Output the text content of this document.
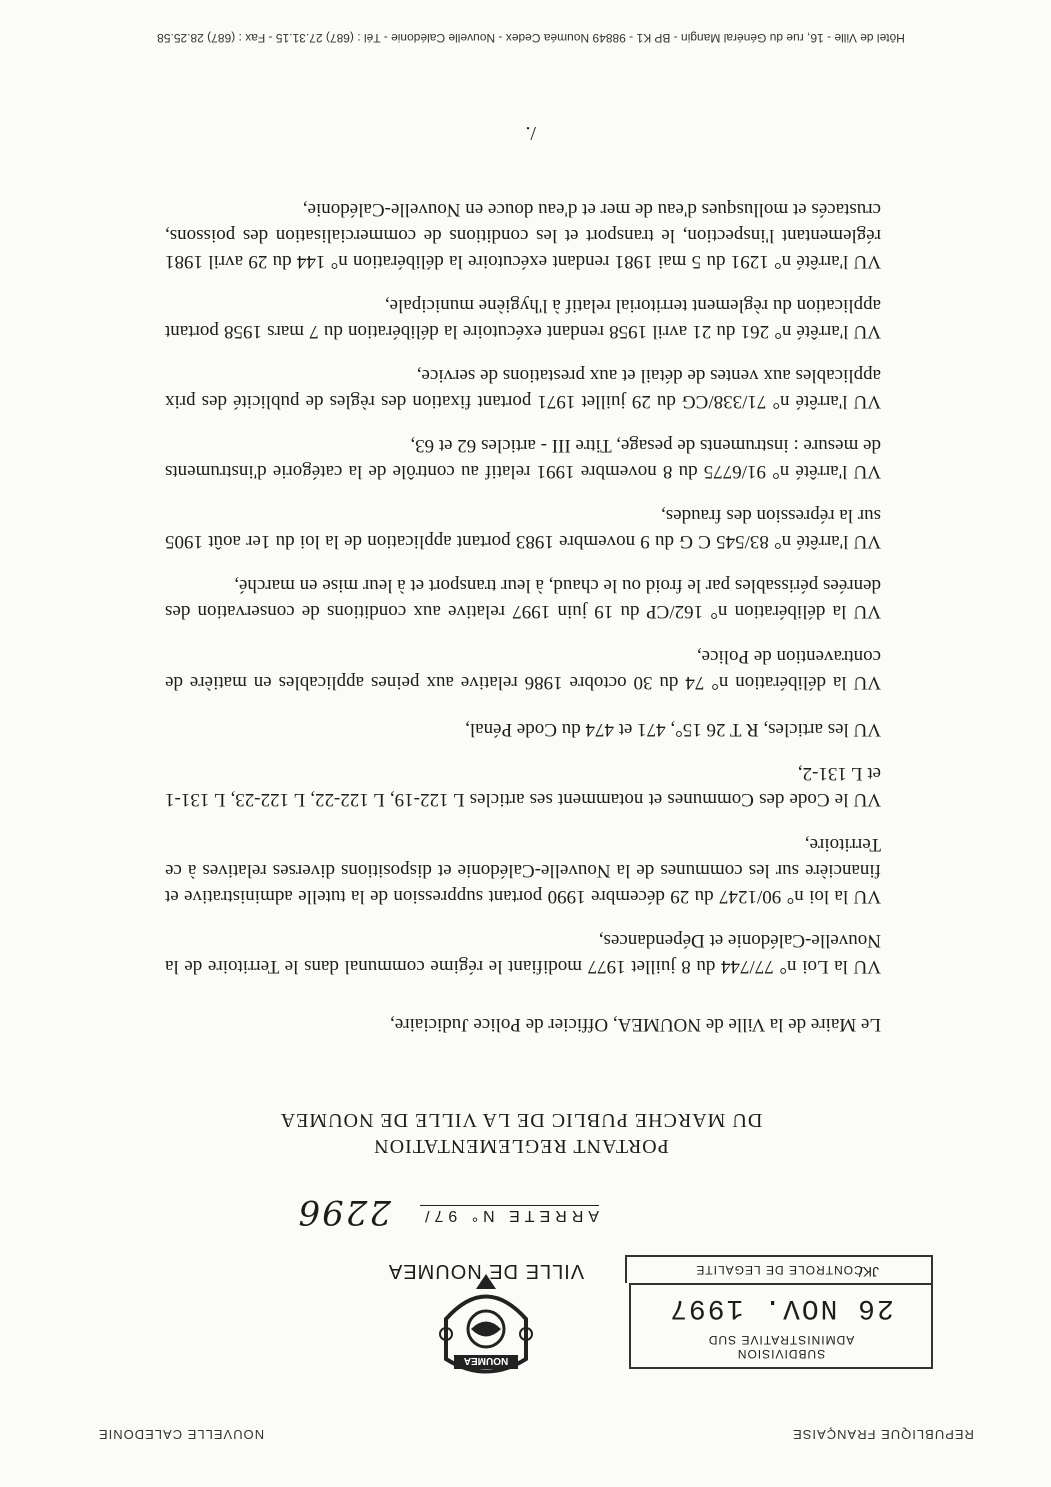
REPUBLIQUE FRANÇAISE
NOUVELLE CALEDONIE
SUBDIVISION
ADMINISTRATIVE SUD
26 NOV. 1997
CONTROLE DE LEGALITE
NOUMEA
VILLE DE NOUMEA	JK/
ARRETE N° 97/
2296
PORTANT REGLEMENTATION
DU MARCHE PUBLIC DE LA VILLE DE NOUMEA
Le Maire de la Ville de NOUMEA, Officier de Police Judiciaire,
VU la Loi n° 77/744 du 8 juillet 1977 modifiant le régime communal dans le Territoire de la Nouvelle-Calédonie et Dépendances,
VU la loi n° 90/1247 du 29 décembre 1990 portant suppression de la tutelle administrative et financière sur les communes de la Nouvelle-Calédonie et dispositions diverses relatives à ce Territoire,
VU le Code des Communes et notamment ses articles L 122-19, L 122-22, L 122-23, L 131-1 et L 131-2,
VU les articles, R T 26 15°, 471 et 474 du Code Pénal,
VU la délibération n° 74 du 30 octobre 1986 relative aux peines applicables en matière de contravention de Police,
VU la délibération n° 162/CP du 19 juin 1997 relative aux conditions de conservation des denrées périssables par le froid ou le chaud, à leur transport et à leur mise en marché,
VU l'arrêté n° 83/545 C G du 9 novembre 1983 portant application de la loi du 1er août 1905 sur la répression des fraudes,
VU l'arrêté n° 91/6775 du 8 novembre 1991 relatif au contrôle de la catégorie d'instruments de mesure : instruments de pesage, Titre III - articles 62 et 63,
VU l'arrêté n° 71/338/CG du 29 juillet 1971 portant fixation des règles de publicité des prix applicables aux ventes de détail et aux prestations de service,
VU l'arrêté n° 261 du 21 avril 1958 rendant exécutoire la délibération du 7 mars 1958 portant application du règlement territorial relatif à l'hygiène municipale,
VU l'arrêté n° 1291 du 5 mai 1981 rendant exécutoire la délibération n° 144 du 29 avril 1981 réglementant l'inspection, le transport et les conditions de commercialisation des poissons, crustacés et mollusques d'eau de mer et d'eau douce en Nouvelle-Calédonie,
/.
Hôtel de Ville - 16, rue du Général Mangin - BP K1 - 98849 Nouméa Cedex - Nouvelle Calédonie - Tél : (687) 27.31.15 - Fax : (687) 28.25.58
